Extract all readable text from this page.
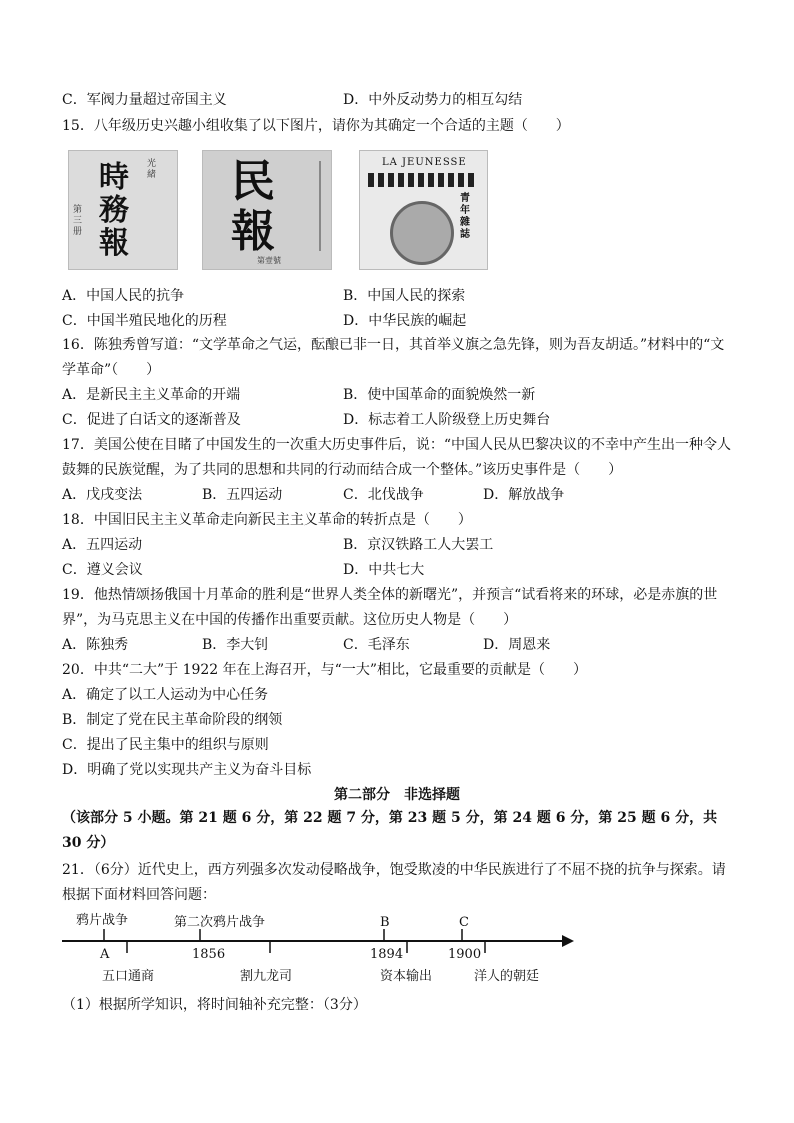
C．军阀力量超过帝国主义	D．中外反动势力的相互勾结
15．八年级历史兴趣小组收集了以下图片，请你为其确定一个合适的主题（　　）
時
務
報
光緒
第三册
民
報
第壹號
LA JEUNESSE
青年雜誌
A．中国人民的抗争	B．中国人民的探索
C．中国半殖民地化的历程	D．中华民族的崛起
16．陈独秀曾写道：“文学革命之气运，酝酿已非一日，其首举义旗之急先锋，则为吾友胡适。”材料中的“文
学革命”（　　）
A．是新民主主义革命的开端	B．使中国革命的面貌焕然一新
C．促进了白话文的逐渐普及	D．标志着工人阶级登上历史舞台
17．美国公使在目睹了中国发生的一次重大历史事件后，说：“中国人民从巴黎决议的不幸中产生出一种令人
鼓舞的民族觉醒，为了共同的思想和共同的行动而结合成一个整体。”该历史事件是（　　）
A．戊戌变法	B．五四运动	C．北伐战争	D．解放战争
18．中国旧民主主义革命走向新民主主义革命的转折点是（　　）
A．五四运动	B．京汉铁路工人大罢工
C．遵义会议	D．中共七大
19．他热情颂扬俄国十月革命的胜利是“世界人类全体的新曙光”，并预言“试看将来的环球，必是赤旗的世
界”，为马克思主义在中国的传播作出重要贡献。这位历史人物是（　　）
A．陈独秀	B．李大钊	C．毛泽东	D．周恩来
20．中共“二大”于 1922 年在上海召开，与“一大”相比，它最重要的贡献是（　　）
A．确定了以工人运动为中心任务
B．制定了党在民主革命阶段的纲领
C．提出了民主集中的组织与原则
D．明确了党以实现共产主义为奋斗目标
第二部分　非选择题
（该部分 5 小题。第 21 题 6 分，第 22 题 7 分，第 23 题 5 分，第 24 题 6 分，第 25 题 6 分，共 30 分）
21．（6分）近代史上，西方列强多次发动侵略战争，饱受欺凌的中华民族进行了不屈不挠的抗争与探索。请
根据下面材料回答问题：
鸦片战争	第二次鸦片战争	B	C
A	1856	1894	1900
五口通商	割九龙司	资本输出	洋人的朝廷
（1）根据所学知识，将时间轴补充完整：（3分）
